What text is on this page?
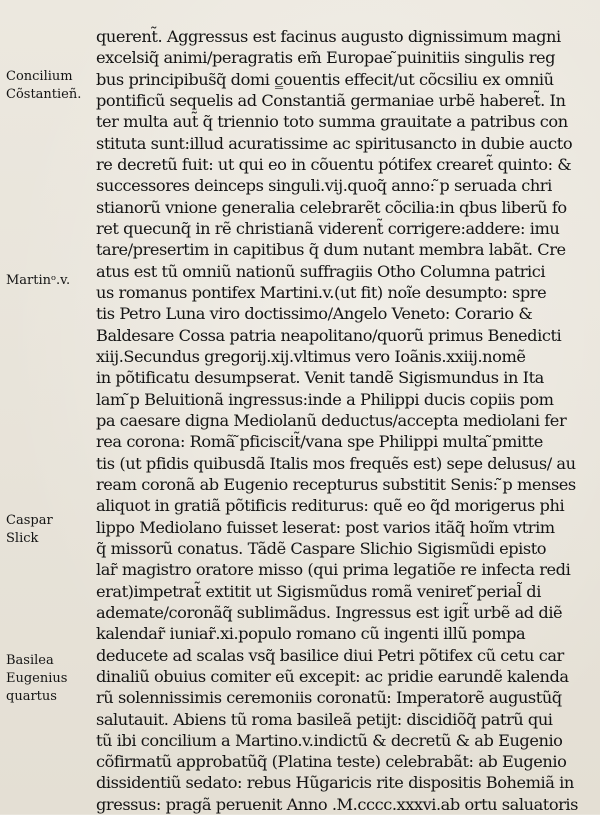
Concilium
Cõstantieñ.
Martinᵒ.v.
Caspar
Slick
Basilea
Eugenius
quartus
querent̃. Aggressus est facinus augusto dignissimum magni
excelsiq̃ animi/peragratis em̃ Europae ̃puinitiis singulis reg
bus principibus̃q̃ domi c̳ouentis effecit/ut cõcsiliu ex omniũ
pontificũ sequelis ad Constantiã germaniae urbẽ haberet̃. In
ter multa aut̃ q̃ triennio toto summa grauitate a patribus con
stituta sunt:illud acuratissime ac spiritusancto in dubie aucto
re decretũ fuit: ut qui eo in cõuentu pótifex crearet̃ quinto: &
successores deinceps singuli.vij.quoq̃ anno: ̃p seruada chri
stianorũ vnione generalia celebrarẽt cõcilia:in qbus liberũ fo
ret quecunq̃ in rẽ christianã viderent̃ corrigere:addere: imu
tare/presertim in capitibus q̃ dum nutant membra labãt. Cre
atus est tũ omniũ nationũ suffragiis Otho Columna patrici
us romanus pontifex Martini.v.(ut fit) noĩe desumpto: spre
tis Petro Luna viro doctissimo/Angelo Veneto: Corario &
Baldesare Cossa patria neapolitano/quorũ primus Benedicti
xiij.Secundus gregorij.xij.vltimus vero Ioãnis.xxiij.nomẽ
in põtificatu desumpserat. Venit tandẽ Sigismundus in Ita
lam ̃p Beluitionã ingressus:inde a Philippi ducis copiis pom
pa caesare digna Mediolanũ deductus/accepta mediolani fer
rea corona: Romã ̃pficiscit̃/vana spe Philippi multa ̃pmitte
tis (ut pfidis quibusdã Italis mos frequẽs est) sepe delusus/ au
ream coronã ab Eugenio recepturus substitit Senis: ̃p menses
aliquot in gratiã põtificis rediturus: quẽ eo q̃d morigerus phi
lippo Mediolano fuisset leserat: post varios itãq̃ hoĩm vtrim
q̃ missorũ conatus. Tãdẽ Caspare Slichio Sigismũdi episto
lar̃ magistro oratore misso (qui prima legatiõe re infecta redi
erat)impetrat̃ extitit ut Sigismũdus romã veniret ̃perial̃ di
ademate/coronãq̃ sublimãdus. Ingressus est igit̃ urbẽ ad diẽ
kalendar̃ iuniar̃.xi.populo romano cũ ingenti illũ pompa
deducete ad scalas vsq̃ basilice diui Petri põtifex cũ cetu car
dinaliũ obuius comiter eũ excepit: ac pridie earundẽ kalenda
rũ solennissimis ceremoniis coronatũ: Imperatorẽ augustũq̃
salutauit. Abiens tũ roma basileã petijt: discidiõq̃ patrũ qui
tũ ibi concilium a Martino.v.indictũ & decretũ & ab Eugenio
cõfirmatũ approbatũq̃ (Platina teste) celebrabãt: ab Eugenio
dissidentiũ sedato: rebus Hũgaricis rite dispositis Bohemiã in
gressus: pragã peruenit Anno .M.cccc.xxxvi.ab ortu saluatoris
